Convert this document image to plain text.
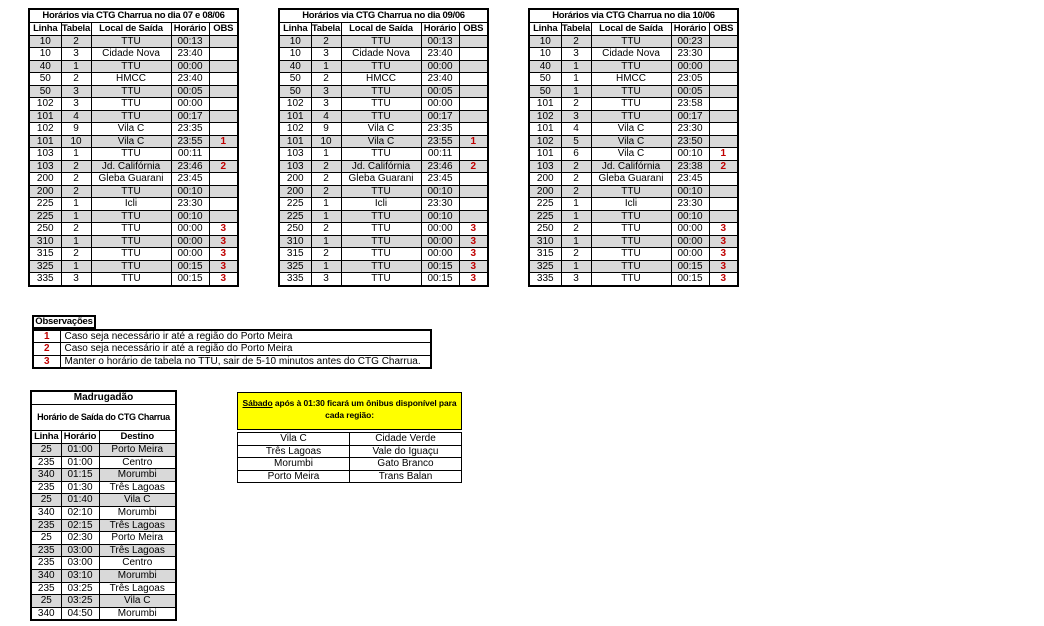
Horários via CTG Charrua no dia 07 e 08/06				
Linha	Tabela	Local de Saída	Horário	OBS
10	2	TTU	00:13	
10	3	Cidade Nova	23:40	
40	1	TTU	00:00	
50	2	HMCC	23:40	
50	3	TTU	00:05	
102	3	TTU	00:00	
101	4	TTU	00:17	
102	9	Vila C	23:35	
101	10	Vila C	23:55	1
103	1	TTU	00:11	
103	2	Jd. Califórnia	23:46	2
200	2	Gleba Guarani	23:45	
200	2	TTU	00:10	
225	1	Icli	23:30	
225	1	TTU	00:10	
250	2	TTU	00:00	3
310	1	TTU	00:00	3
315	2	TTU	00:00	3
325	1	TTU	00:15	3
335	3	TTU	00:15	3
Horários via CTG Charrua no dia 09/06				
Linha	Tabela	Local de Saída	Horário	OBS
10	2	TTU	00:13	
10	3	Cidade Nova	23:40	
40	1	TTU	00:00	
50	2	HMCC	23:40	
50	3	TTU	00:05	
102	3	TTU	00:00	
101	4	TTU	00:17	
102	9	Vila C	23:35	
101	10	Vila C	23:55	1
103	1	TTU	00:11	
103	2	Jd. Califórnia	23:46	2
200	2	Gleba Guarani	23:45	
200	2	TTU	00:10	
225	1	Icli	23:30	
225	1	TTU	00:10	
250	2	TTU	00:00	3
310	1	TTU	00:00	3
315	2	TTU	00:00	3
325	1	TTU	00:15	3
335	3	TTU	00:15	3
Horários via CTG Charrua no dia 10/06				
Linha	Tabela	Local de Saída	Horário	OBS
10	2	TTU	00:23	
10	3	Cidade Nova	23:30	
40	1	TTU	00:00	
50	1	HMCC	23:05	
50	1	TTU	00:05	
101	2	TTU	23:58	
102	3	TTU	00:17	
101	4	Vila C	23:30	
102	5	Vila C	23:50	
101	6	Vila C	00:10	1
103	2	Jd. Califórnia	23:38	2
200	2	Gleba Guarani	23:45	
200	2	TTU	00:10	
225	1	Icli	23:30	
225	1	TTU	00:10	
250	2	TTU	00:00	3
310	1	TTU	00:00	3
315	2	TTU	00:00	3
325	1	TTU	00:15	3
335	3	TTU	00:15	3
Observações
1	Caso seja necessário ir até a região do Porto Meira
2	Caso seja necessário ir até a região do Porto Meira
3	Manter o horário de tabela no TTU, sair de 5-10 minutos antes do CTG Charrua.
Madrugadão		
Horário de Saída do CTG Charrua		
Linha	Horário	Destino
25	01:00	Porto Meira
235	01:00	Centro
340	01:15	Morumbi
235	01:30	Três Lagoas
25	01:40	Vila C
340	02:10	Morumbi
235	02:15	Três Lagoas
25	02:30	Porto Meira
235	03:00	Três Lagoas
235	03:00	Centro
340	03:10	Morumbi
235	03:25	Três Lagoas
25	03:25	Vila C
340	04:50	Morumbi
Sábado após à 01:30 ficará um ônibus disponível para cada região:
Vila C	Cidade Verde
Três Lagoas	Vale do Iguaçu
Morumbi	Gato Branco
Porto Meira	Trans Balan
